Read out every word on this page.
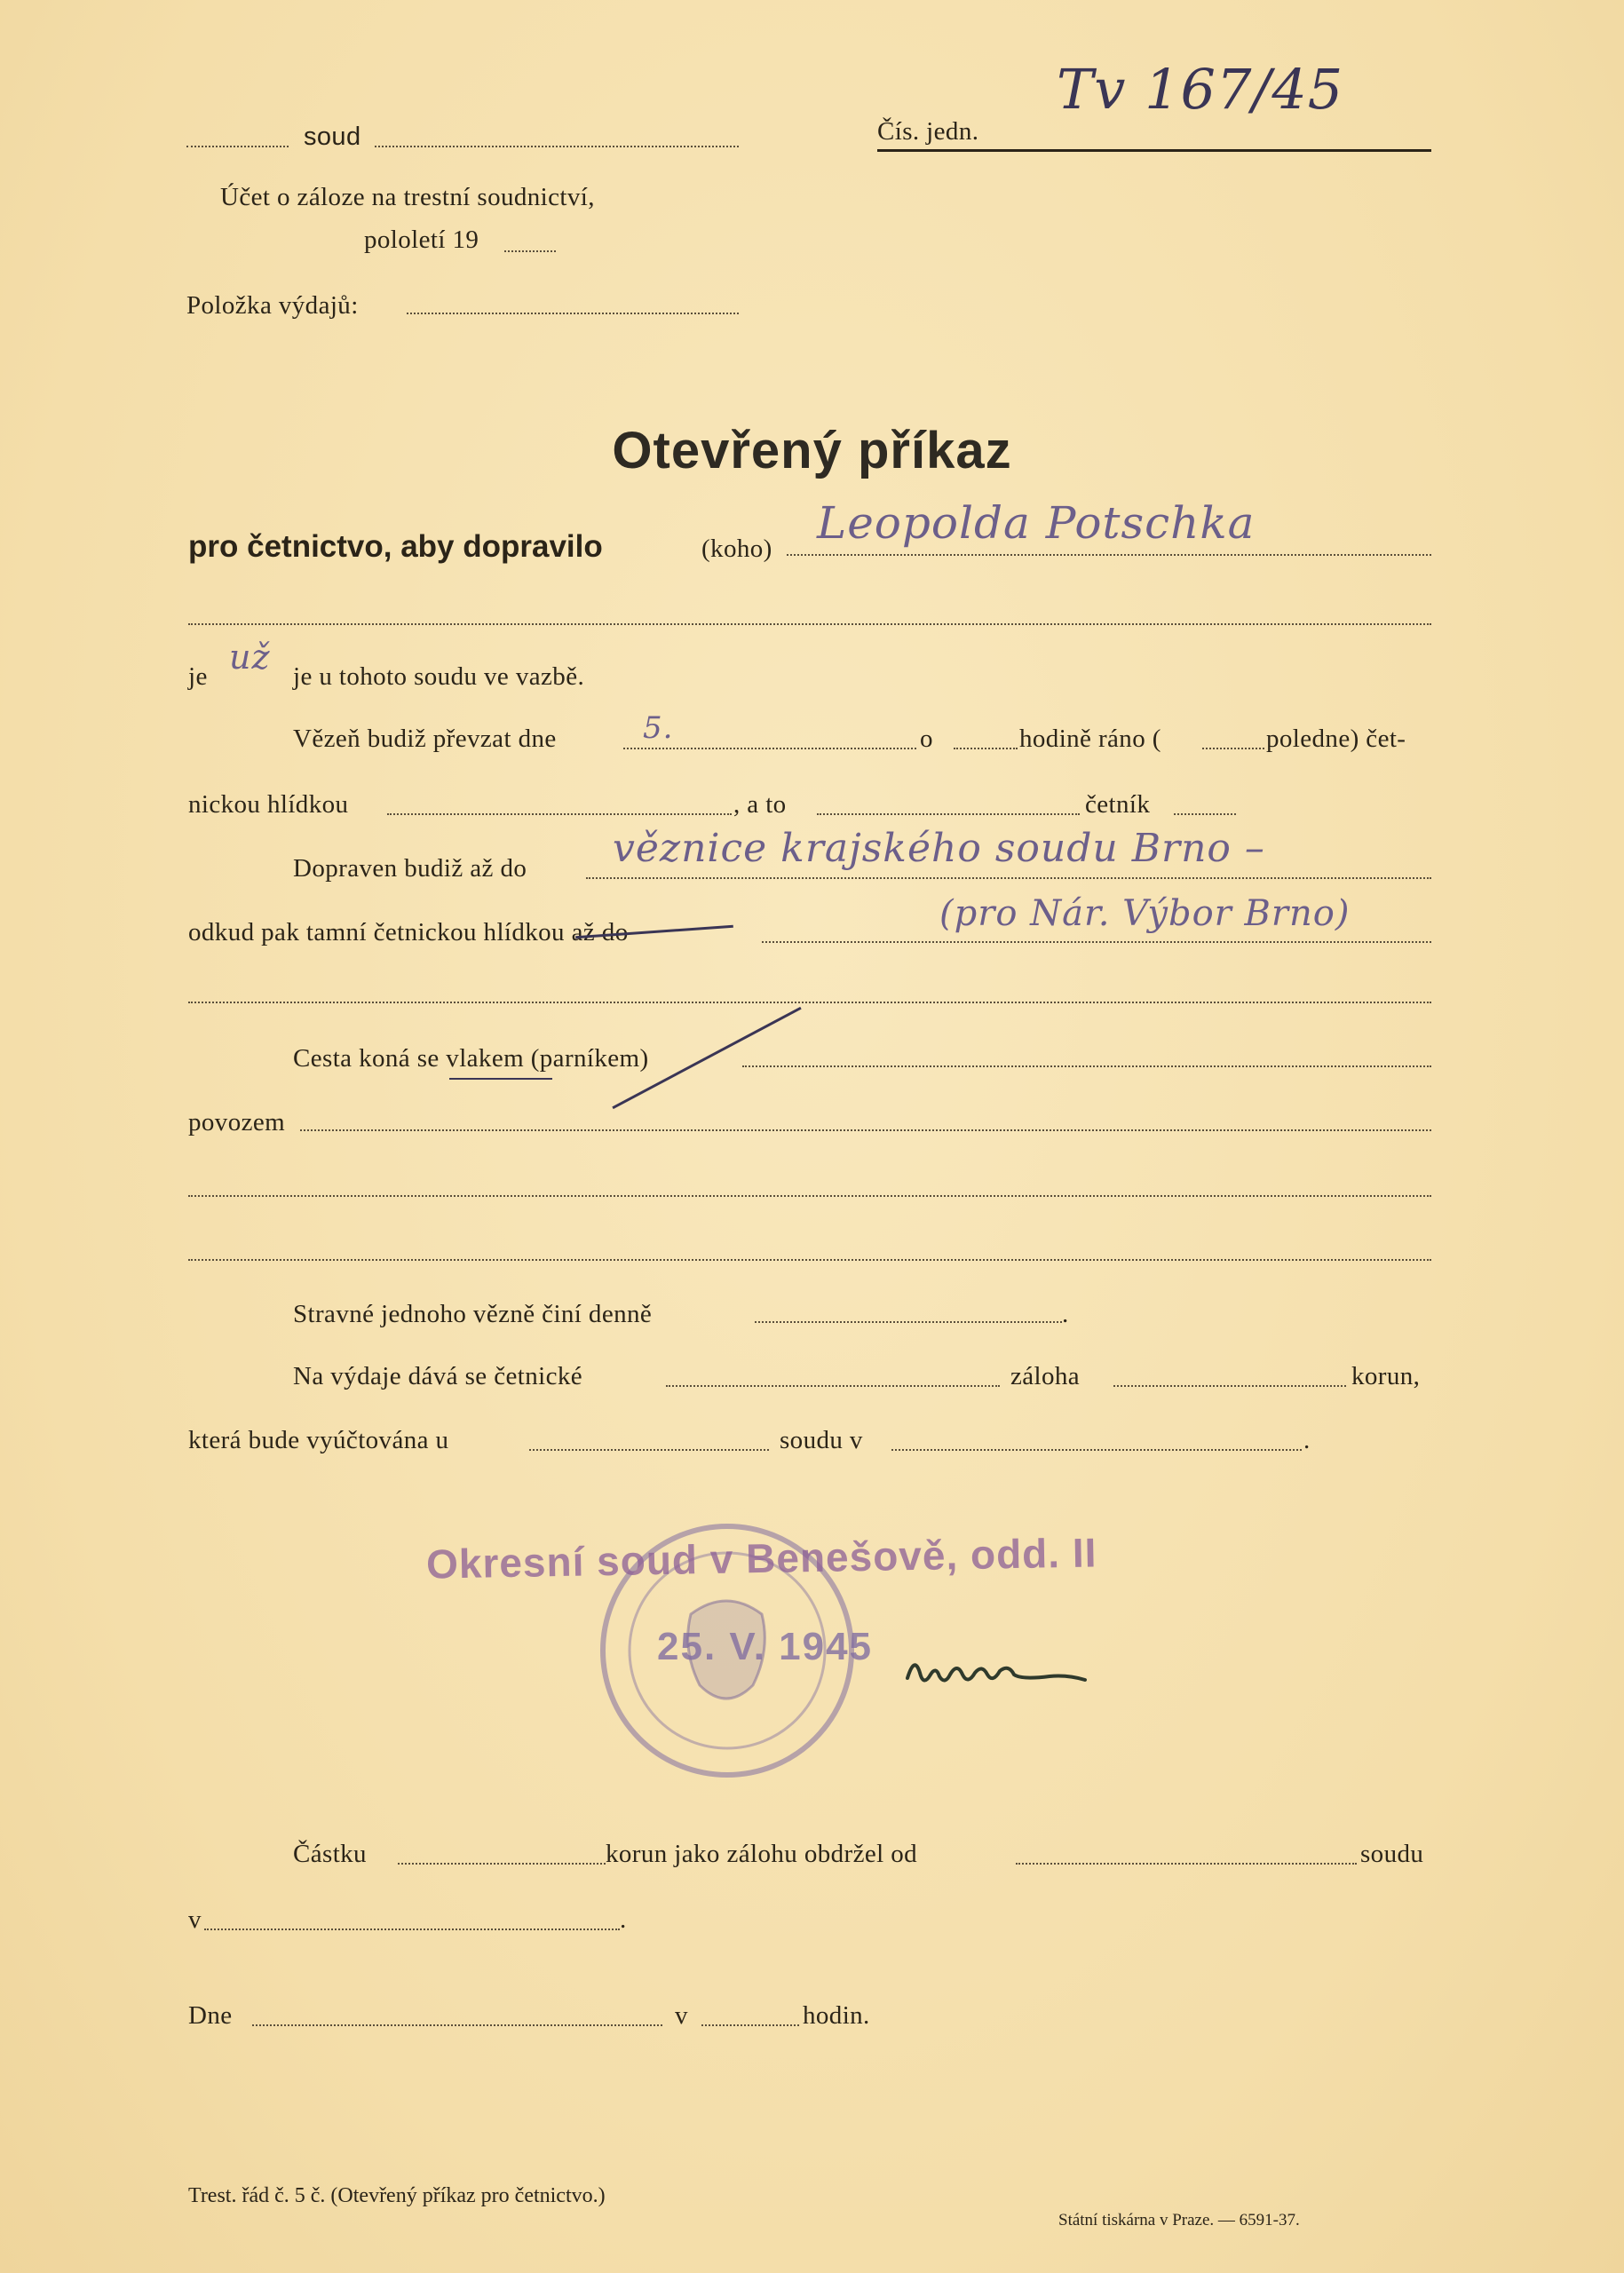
soud	Čís. jedn.
Tv 167/45
Účet o záloze na trestní soudnictví,
pololetí 19
Položka výdajů:
Otevřený příkaz
pro četnictvo, aby dopravilo	(koho) Leopolda Potschka
je už je u tohoto soudu ve vazbě.
Vězeň budiž převzat dne	5.	o	hodině ráno (	poledne) čet-
nickou hlídkou	, a to	četník
Dopraven budiž až do věznice krajského soudu Brno –
odkud pak tamní četnickou hlídkou až do	(pro Nár. Výbor Brno)
Cesta koná se vlakem (parníkem)
povozem
Stravné jednoho vězně činí denně	.
Na výdaje dává se četnické	záloha	korun,
která bude vyúčtována u	soudu v	.
25. V. 1945
Okresní soud v Benešově, odd. II
Skazam
Částku	korun jako zálohu obdržel od	soudu
v	.
Dne	v	hodin.
Trest. řád č. 5 č. (Otevřený příkaz pro četnictvo.)
Státní tiskárna v Praze. — 6591-37.
